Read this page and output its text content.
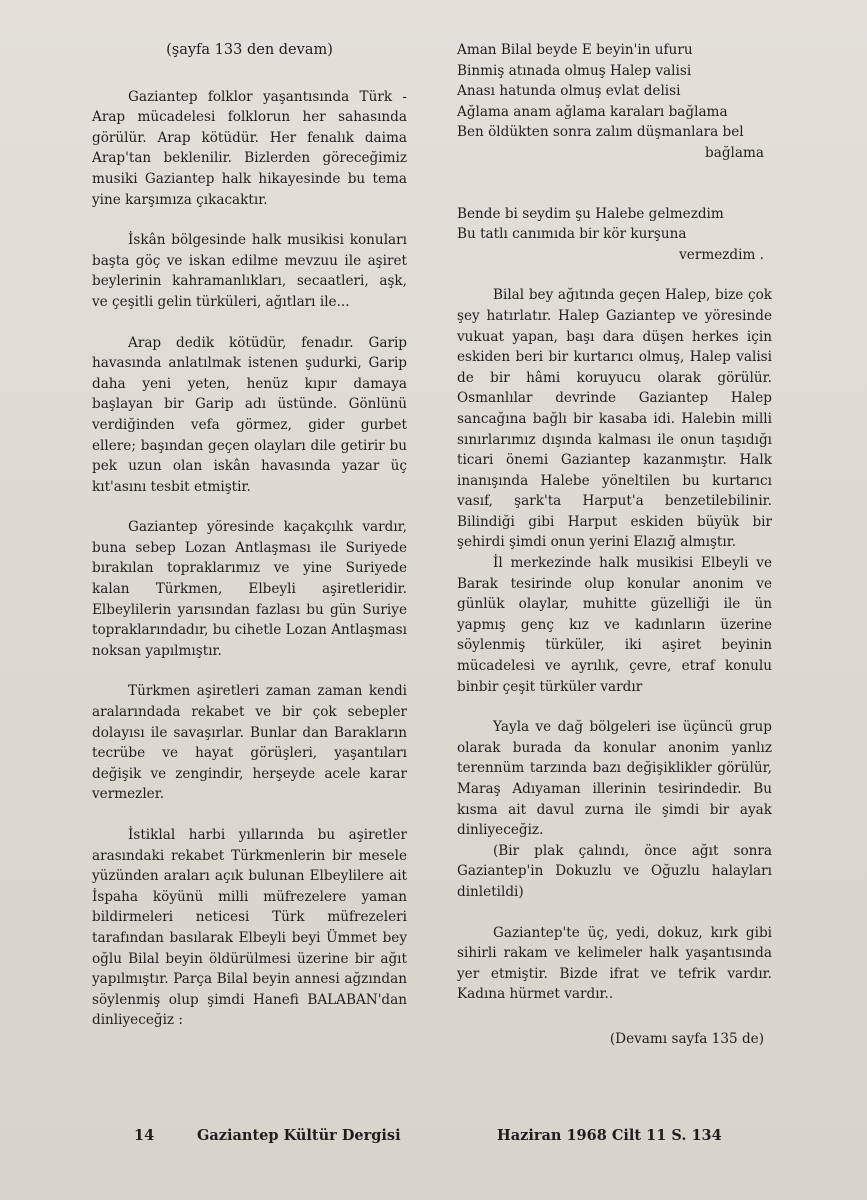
(şayfa 133 den devam)

Gaziantep folklor yaşantısında Türk - Arap mücadelesi folklorun her sahasında görülür. Arap kötüdür. Her fenalık daima Arap'tan beklenilir. Bizlerden göreceğimiz musiki Gaziantep halk hikayesinde bu tema yine karşımıza çıkacaktır.

İskân bölgesinde halk musikisi konuları başta göç ve iskan edilme mevzuu ile aşiret beylerinin kahramanlıkları, secaatleri, aşk, ve çeşitli gelin türküleri, ağıtları ile...

Arap dedik kötüdür, fenadır. Garip havasında anlatılmak istenen şudurki, Garip daha yeni yeten, henüz kıpır damaya başlayan bir Garip adı üstünde. Gönlünü verdiğinden vefa görmez, gider gurbet ellere; başından geçen olayları dile getirir bu pek uzun olan iskân havasında yazar üç kıt'asını tesbit etmiştir.

Gaziantep yöresinde kaçakçılık vardır, buna sebep Lozan Antlaşması ile Suriyede bırakılan topraklarımız ve yine Suriyede kalan Türkmen, Elbeyli aşiretleridir. Elbeylilerin yarısından fazlası bu gün Suriye topraklarındadır, bu cihetle Lozan Antlaşması noksan yapılmıştır.

Türkmen aşiretleri zaman zaman kendi aralarındada rekabet ve bir çok sebepler dolayısı ile savaşırlar. Bunlar dan Barakların tecrübe ve hayat görüşleri, yaşantıları değişik ve zengindir, herşeyde acele karar vermezler.

İstiklal harbi yıllarında bu aşiretler arasındaki rekabet Türkmenlerin bir mesele yüzünden araları açık bulunan Elbeylilere ait İspaha köyünü milli müfrezelere yaman bildirmeleri neticesi Türk müfrezeleri tarafından basılarak Elbeyli beyi Ümmet bey oğlu Bilal beyin öldürülmesi üzerine bir ağıt yapılmıştır. Parça Bilal beyin annesi ağzından söylenmiş olup şimdi Hanefi BALABAN'dan dinliyeceğiz :

Aman Bilal beyde E beyin'in ufuru

Binmiş atınada olmuş Halep valisi

Anası hatunda olmuş evlat delisi

Ağlama anam ağlama karaları bağlama

Ben öldükten sonra zalım düşmanlara bel

bağlama

Bende bi seydim şu Halebe gelmezdim

Bu tatlı canımıda bir kör kurşuna

vermezdim .

Bilal bey ağıtında geçen Halep, bize çok şey hatırlatır. Halep Gaziantep ve yöresinde vukuat yapan, başı dara düşen herkes için eskiden beri bir kurtarıcı olmuş, Halep valisi de bir hâmi koruyucu olarak görülür. Osmanlılar devrinde Gaziantep Halep sancağına bağlı bir kasaba idi. Halebin milli sınırlarımız dışında kalması ile onun taşıdığı ticari önemi Gaziantep kazanmıştır. Halk inanışında Halebe yöneltilen bu kurtarıcı vasıf, şark'ta Harput'a benzetilebilinir. Bilindiği gibi Harput eskiden büyük bir şehirdi şimdi onun yerini Elazığ almıştır.

İl merkezinde halk musikisi Elbeyli ve Barak tesirinde olup konular anonim ve günlük olaylar, muhitte güzelliği ile ün yapmış genç kız ve kadınların üzerine söylenmiş türküler, iki aşiret beyinin mücadelesi ve ayrılık, çevre, etraf konulu binbir çeşit türküler vardır

Yayla ve dağ bölgeleri ise üçüncü grup olarak burada da konular anonim yanlız terennüm tarzında bazı değişiklikler görülür, Maraş Adıyaman illerinin tesirindedir. Bu kısma ait davul zurna ile şimdi bir ayak dinliyeceğiz.

(Bir plak çalındı, önce ağıt sonra Gaziantep'in Dokuzlu ve Oğuzlu halayları dinletildi)

Gaziantep'te üç, yedi, dokuz, kırk gibi sihirli rakam ve kelimeler halk yaşantısında yer etmiştir. Bizde ifrat ve tefrik vardır. Kadına hürmet vardır..

(Devamı sayfa 135 de)

14	Gaziantep Kültür Dergisi	Haziran 1968 Cilt 11 S. 134
